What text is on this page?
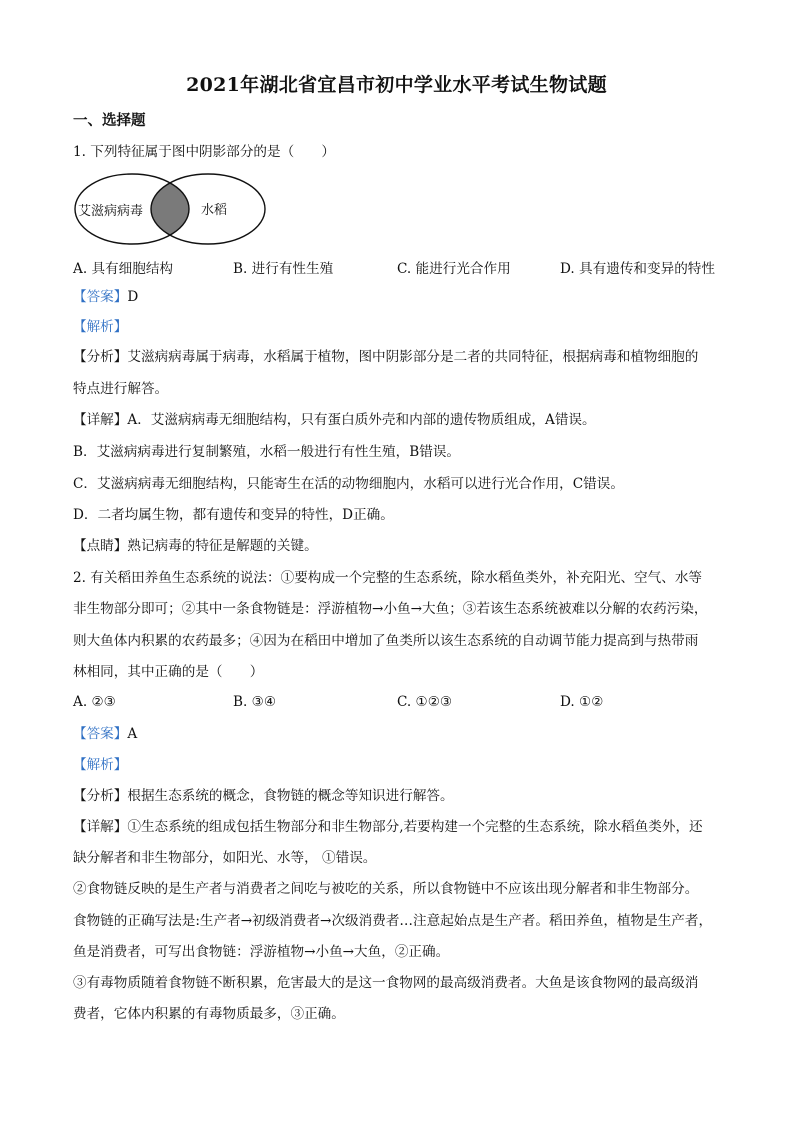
2021年湖北省宜昌市初中学业水平考试生物试题
一、选择题
1. 下列特征属于图中阴影部分的是（　　）
艾滋病病毒	水稻
A. 具有细胞结构	B. 进行有性生殖	C. 能进行光合作用	D. 具有遗传和变异的特性
【答案】D
【解析】
【分析】艾滋病病毒属于病毒，水稻属于植物，图中阴影部分是二者的共同特征，根据病毒和植物细胞的
特点进行解答。
【详解】A．艾滋病病毒无细胞结构，只有蛋白质外壳和内部的遗传物质组成，A错误。
B．艾滋病病毒进行复制繁殖，水稻一般进行有性生殖，B错误。
C．艾滋病病毒无细胞结构，只能寄生在活的动物细胞内，水稻可以进行光合作用，C错误。
D．二者均属生物，都有遗传和变异的特性，D正确。
【点睛】熟记病毒的特征是解题的关键。
2. 有关稻田养鱼生态系统的说法：①要构成一个完整的生态系统，除水稻鱼类外，补充阳光、空气、水等
非生物部分即可；②其中一条食物链是：浮游植物→小鱼→大鱼；③若该生态系统被难以分解的农药污染，
则大鱼体内积累的农药最多；④因为在稻田中增加了鱼类所以该生态系统的自动调节能力提高到与热带雨
林相同，其中正确的是（　　）
A. ②③	B. ③④	C. ①②③	D. ①②
【答案】A
【解析】
【分析】根据生态系统的概念，食物链的概念等知识进行解答。
【详解】①生态系统的组成包括生物部分和非生物部分,若要构建一个完整的生态系统，除水稻鱼类外，还
缺分解者和非生物部分，如阳光、水等， ①错误。
②食物链反映的是生产者与消费者之间吃与被吃的关系，所以食物链中不应该出现分解者和非生物部分。
食物链的正确写法是:生产者→初级消费者→次级消费者…注意起始点是生产者。稻田养鱼，植物是生产者，
鱼是消费者，可写出食物链：浮游植物→小鱼→大鱼，②正确。
③有毒物质随着食物链不断积累，危害最大的是这一食物网的最高级消费者。大鱼是该食物网的最高级消
费者，它体内积累的有毒物质最多，③正确。
